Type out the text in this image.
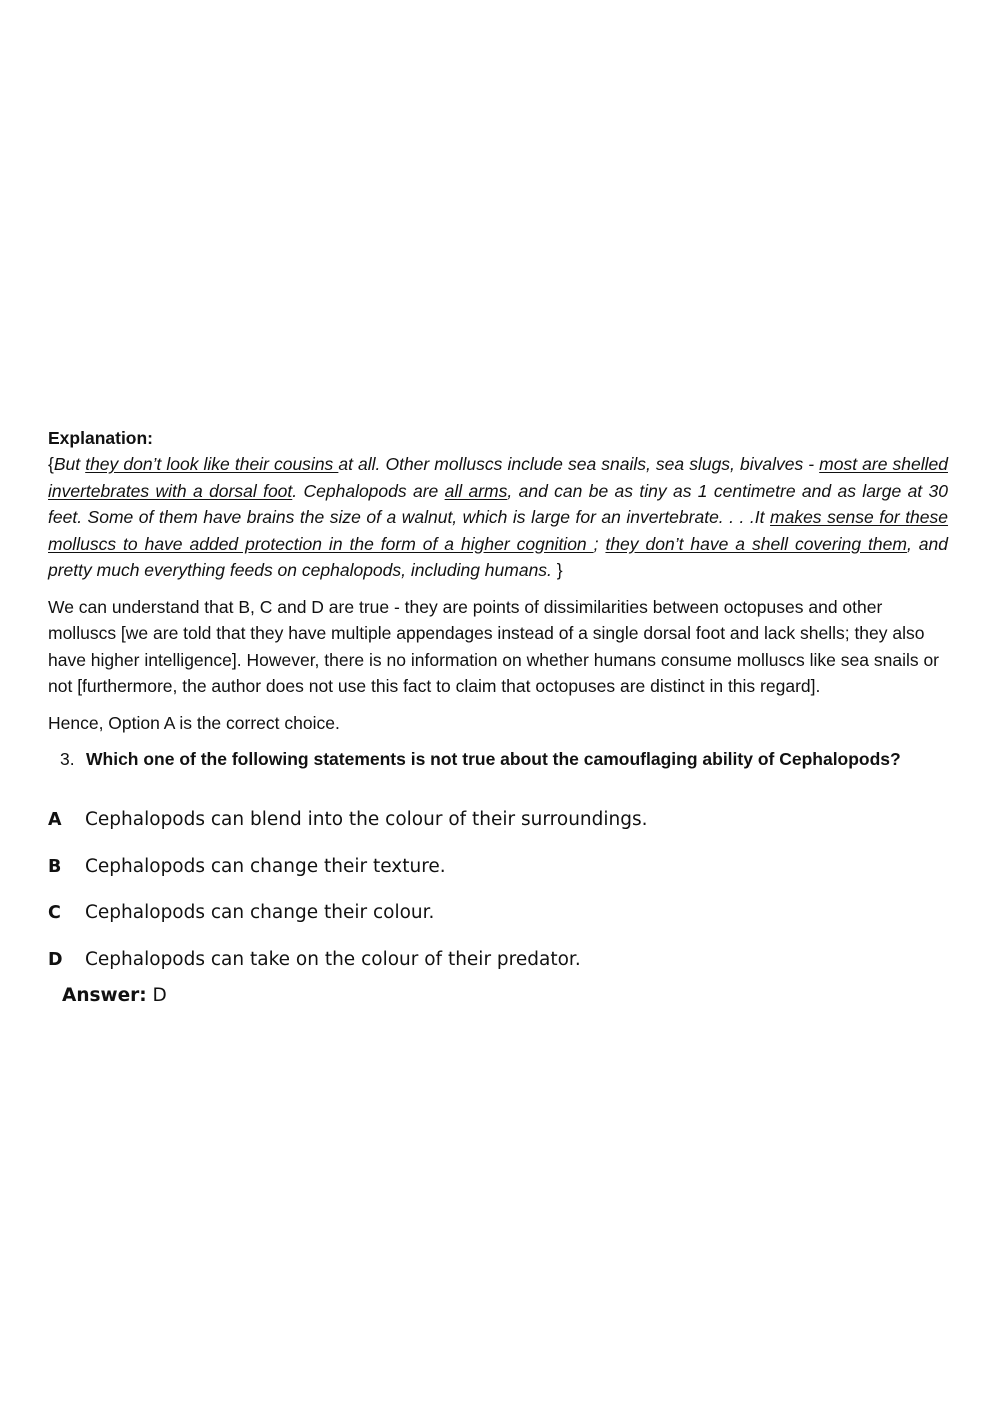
Explanation:

{But they don’t look like their cousins at all. Other molluscs include sea snails, sea slugs, bivalves - most are shelled invertebrates with a dorsal foot. Cephalopods are all arms, and can be as tiny as 1 centimetre and as large at 30 feet. Some of them have brains the size of a walnut, which is large for an invertebrate. . . .It makes sense for these molluscs to have added protection in the form of a higher cognition ; they don’t have a shell covering them, and pretty much everything feeds on cephalopods, including humans. }

We can understand that B, C and D are true - they are points of dissimilarities between octopuses and other molluscs [we are told that they have multiple appendages instead of a single dorsal foot and lack shells; they also have higher intelligence]. However, there is no information on whether humans consume molluscs like sea snails or not [furthermore, the author does not use this fact to claim that octopuses are distinct in this regard].

Hence, Option A is the correct choice.

3. Which one of the following statements is not true about the camouflaging ability of Cephalopods?
A Cephalopods can blend into the colour of their surroundings.
B Cephalopods can change their texture.
C Cephalopods can change their colour.
D Cephalopods can take on the colour of their predator.
Answer: D
